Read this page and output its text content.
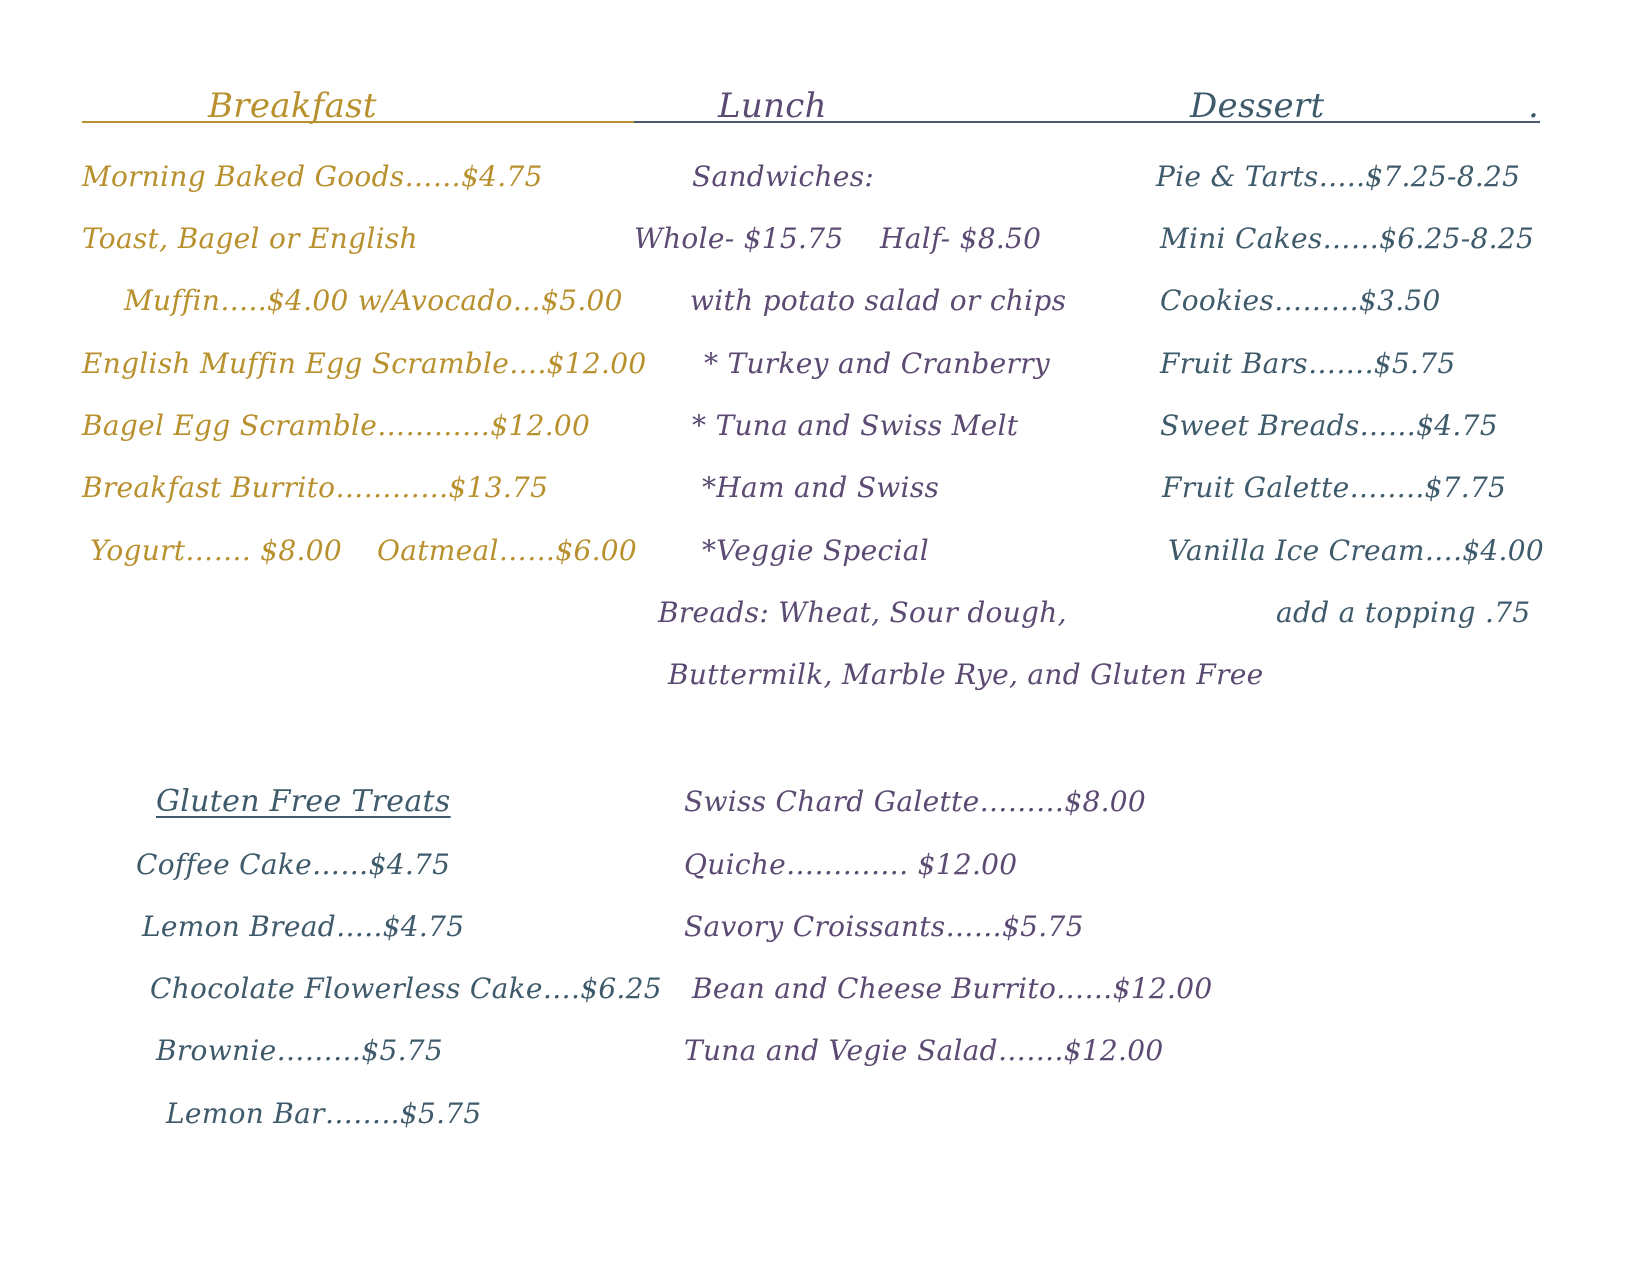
Breakfast	Lunch	Dessert	.
Morning Baked Goods……$4.75
Toast, Bagel or English
Muffin…..$4.00 w/Avocado…$5.00
English Muffin Egg Scramble….$12.00
Bagel Egg Scramble…………$12.00
Breakfast Burrito…………$13.75
Yogurt……. $8.00 Oatmeal……$6.00
Sandwiches:
Whole- $15.75 Half- $8.50
with potato salad or chips
* Turkey and Cranberry
* Tuna and Swiss Melt
*Ham and Swiss
*Veggie Special
Breads: Wheat, Sour dough,
Buttermilk, Marble Rye, and Gluten Free
Pie & Tarts…..$7.25-8.25
Mini Cakes……$6.25-8.25
Cookies………$3.50
Fruit Bars…….$5.75
Sweet Breads……$4.75
Fruit Galette……..$7.75
Vanilla Ice Cream….$4.00
add a topping .75
Gluten Free Treats
Coffee Cake……$4.75
Lemon Bread…..$4.75
Chocolate Flowerless Cake….$6.25
Brownie………$5.75
Lemon Bar……..$5.75
Swiss Chard Galette………$8.00
Quiche…………. $12.00
Savory Croissants……$5.75
Bean and Cheese Burrito……$12.00
Tuna and Vegie Salad…….$12.00
